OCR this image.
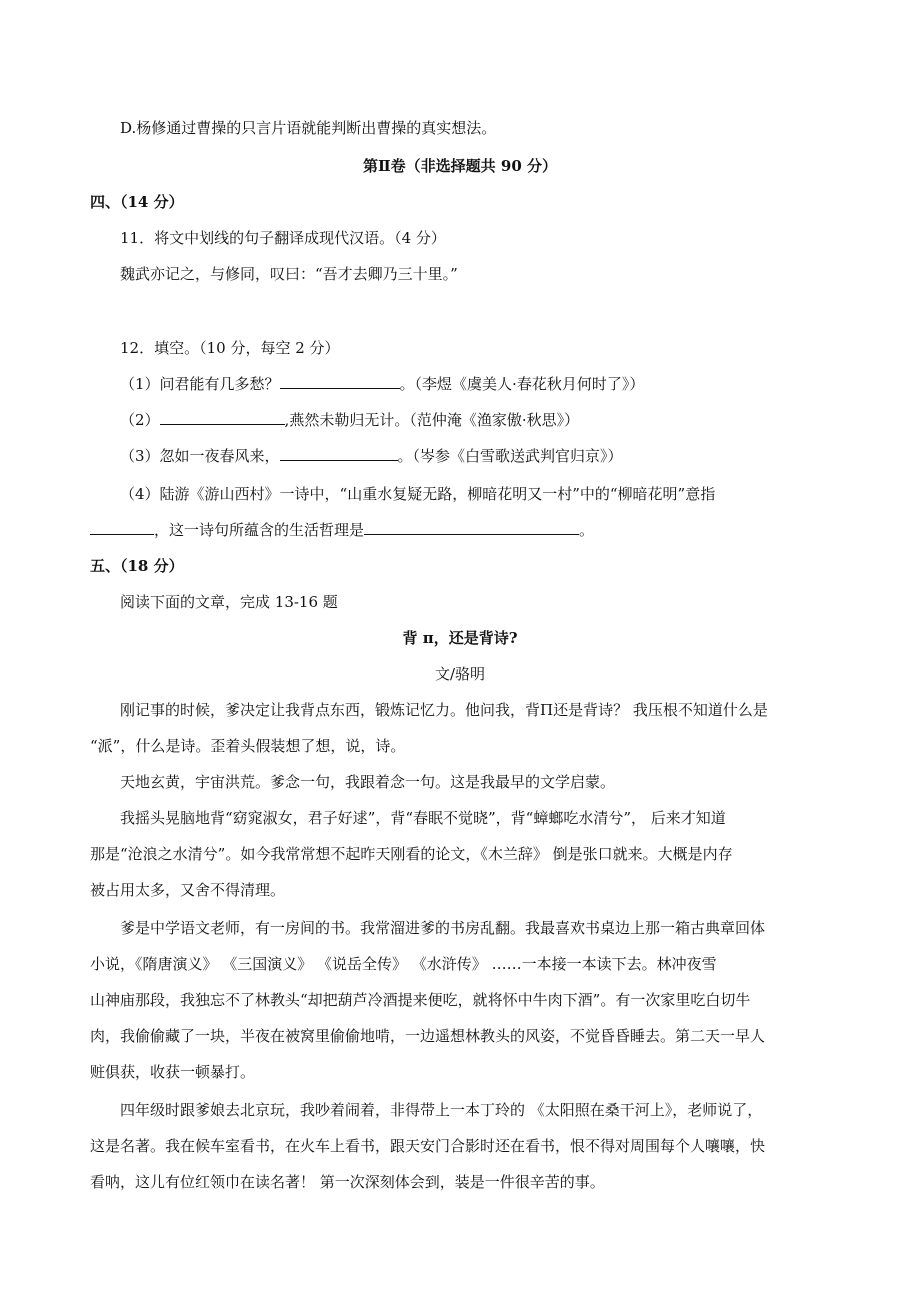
D.杨修通过曹操的只言片语就能判断出曹操的真实想法。
第Ⅱ卷（非选择题共 90 分）
四、（14 分）
11．将文中划线的句子翻译成现代汉语。（4 分）
魏武亦记之，与修同，叹曰：“吾才去卿乃三十里。”
12．填空。（10 分，每空 2 分）
（1）问君能有几多愁？	。（李煜《虞美人·春花秋月何时了》）
（2）	,燕然未勒归无计。（范仲淹《渔家傲·秋思》）
（3）忽如一夜春风来，	。（岑参《白雪歌送武判官归京》）
（4）陆游《游山西村》一诗中，“山重水复疑无路，柳暗花明又一村”中的“柳暗花明”意指
，这一诗句所蕴含的生活哲理是	。
五、（18 分）
阅读下面的文章，完成 13-16 题
背 π，还是背诗?
文/骆明
刚记事的时候，爹决定让我背点东西，锻炼记忆力。他问我，背Π还是背诗？ 我压根不知道什么是
“派”，什么是诗。歪着头假装想了想，说，诗。
天地玄黄，宇宙洪荒。爹念一句，我跟着念一句。这是我最早的文学启蒙。
我摇头晃脑地背“窈窕淑女，君子好逑”，背“春眠不觉晓”，背“蟑螂吃水清兮”， 后来才知道
那是“沧浪之水清兮”。如今我常常想不起昨天刚看的论文，《木兰辞》 倒是张口就来。大概是内存
被占用太多，又舍不得清理。
爹是中学语文老师，有一房间的书。我常溜进爹的书房乱翻。我最喜欢书桌边上那一箱古典章回体
小说，《隋唐演义》 《三国演义》 《说岳全传》 《水浒传》 ……一本接一本读下去。林冲夜雪
山神庙那段，我独忘不了林教头“却把葫芦冷酒提来便吃，就将怀中牛肉下酒”。有一次家里吃白切牛
肉，我偷偷藏了一块，半夜在被窝里偷偷地啃，一边遥想林教头的风姿，不觉昏昏睡去。第二天一早人
赃俱获，收获一顿暴打。
四年级时跟爹娘去北京玩，我吵着闹着，非得带上一本丁玲的 《太阳照在桑干河上》，老师说了，
这是名著。我在候车室看书，在火车上看书，跟天安门合影时还在看书，恨不得对周围每个人嚷嚷，快
看呐，这儿有位红领巾在读名著！ 第一次深刻体会到，装是一件很辛苦的事。
